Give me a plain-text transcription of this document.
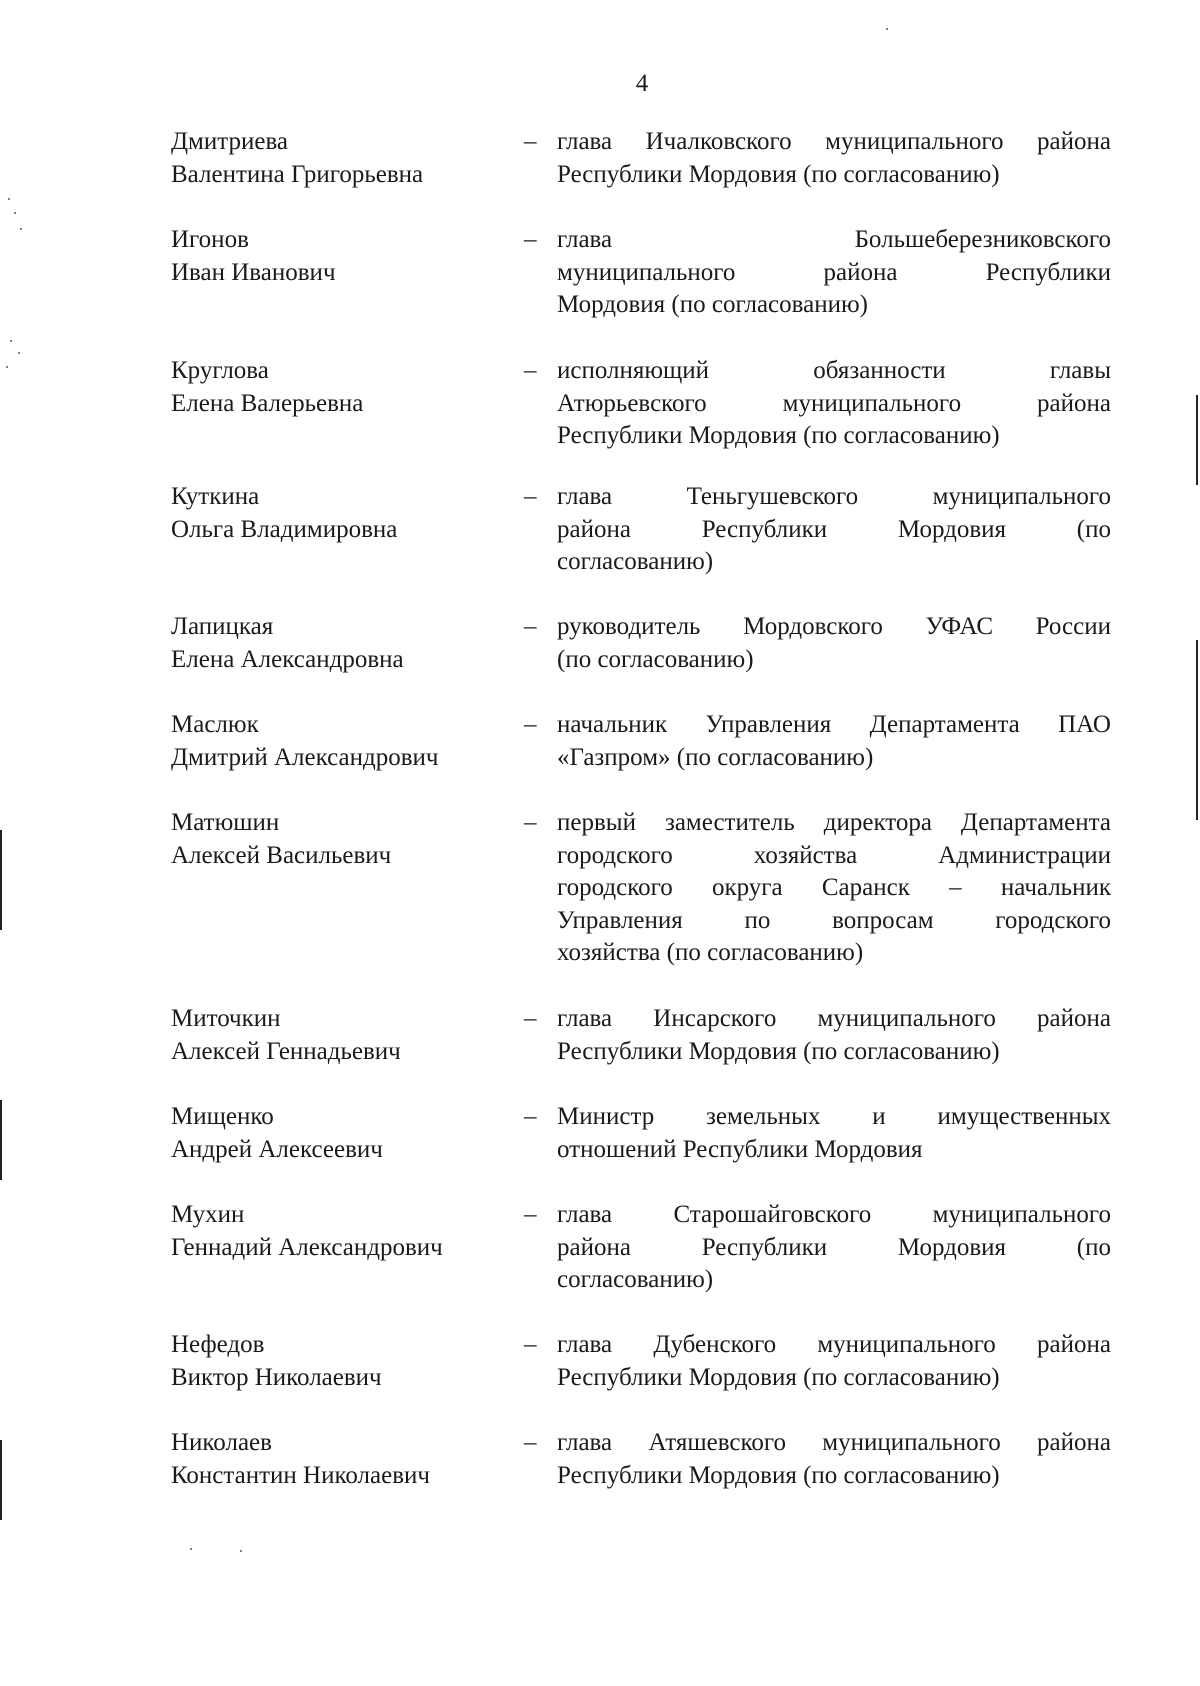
4
Дмитриева
Валентина Григорьевна
– глава Ичалковского муниципального района
Республики Мордовия (по согласованию)
Игонов
Иван Иванович
– глава Большеберезниковского
муниципального района Республики
Мордовия (по согласованию)
Круглова
Елена Валерьевна
– исполняющий обязанности главы
Атюрьевского муниципального района
Республики Мордовия (по согласованию)
Куткина
Ольга Владимировна
– глава Теньгушевского муниципального
района Республики Мордовия (по
согласованию)
Лапицкая
Елена Александровна
– руководитель Мордовского УФАС России
(по согласованию)
Маслюк
Дмитрий Александрович
– начальник Управления Департамента ПАО
«Газпром» (по согласованию)
Матюшин
Алексей Васильевич
– первый заместитель директора Департамента
городского хозяйства Администрации
городского округа Саранск – начальник
Управления по вопросам городского
хозяйства (по согласованию)
Миточкин
Алексей Геннадьевич
– глава Инсарского муниципального района
Республики Мордовия (по согласованию)
Мищенко
Андрей Алексеевич
– Министр земельных и имущественных
отношений Республики Мордовия
Мухин
Геннадий Александрович
– глава Старошайговского муниципального
района Республики Мордовия (по
согласованию)
Нефедов
Виктор Николаевич
– глава Дубенского муниципального района
Республики Мордовия (по согласованию)
Николаев
Константин Николаевич
– глава Атяшевского муниципального района
Республики Мордовия (по согласованию)
